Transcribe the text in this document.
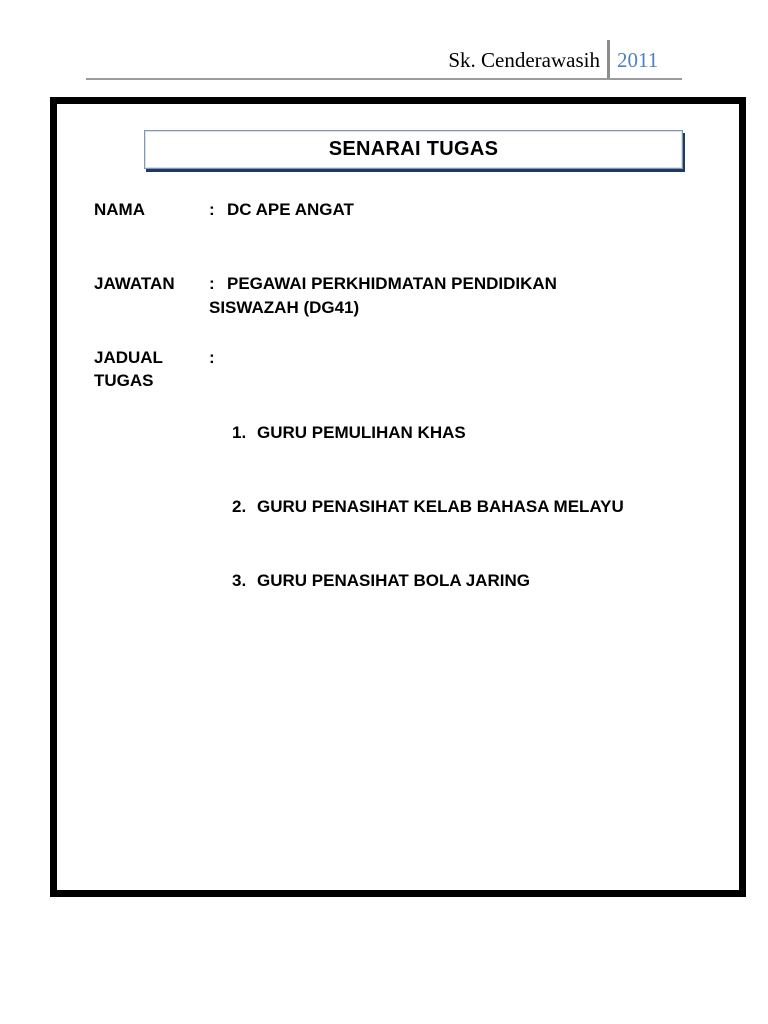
Sk. Cenderawasih 2011
SENARAI TUGAS
NAMA	: DC APE ANGAT
JAWATAN : PEGAWAI PERKHIDMATAN PENDIDIKAN
SISWAZAH (DG41)
JADUAL
TUGAS
:
1. GURU PEMULIHAN KHAS
2. GURU PENASIHAT KELAB BAHASA MELAYU
3. GURU PENASIHAT BOLA JARING
